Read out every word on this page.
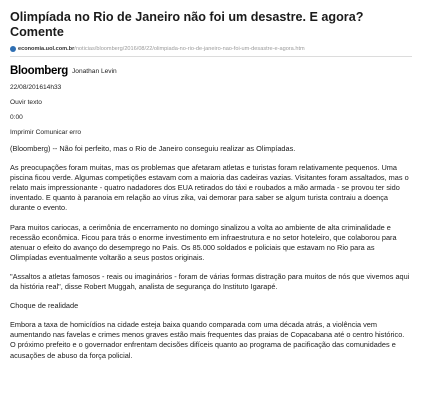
Olimpíada no Rio de Janeiro não foi um desastre. E agora? Comente
economia.uol.com.br /noticias/bloomberg/2016/08/22/olimpiada-no-rio-de-janeiro-nao-foi-um-desastre-e-agora.htm
Bloomberg Jonathan Levin
22/08/201614h33
Ouvir texto
0:00
Imprimir Comunicar erro

(Bloomberg) -- Não foi perfeito, mas o Rio de Janeiro conseguiu realizar as Olimpíadas.

As preocupações foram muitas, mas os problemas que afetaram atletas e turistas foram relativamente pequenos. Uma piscina ficou verde. Algumas competições estavam com a maioria das cadeiras vazias. Visitantes foram assaltados, mas o relato mais impressionante - quatro nadadores dos EUA retirados do táxi e roubados a mão armada - se provou ter sido inventado. E quanto à paranoia em relação ao vírus zika, vai demorar para saber se algum turista contraiu a doença durante o evento.

Para muitos cariocas, a cerimônia de encerramento no domingo sinalizou a volta ao ambiente de alta criminalidade e recessão econômica. Ficou para trás o enorme investimento em infraestrutura e no setor hoteleiro, que colaborou para atenuar o efeito do avanço do desemprego no País. Os 85.000 soldados e policiais que estavam no Rio para as Olimpíadas eventualmente voltarão a seus postos originais.

"Assaltos a atletas famosos - reais ou imaginários - foram de várias formas distração para muitos de nós que vivemos aqui da história real", disse Robert Muggah, analista de segurança do Instituto Igarapé.

Choque de realidade

Embora a taxa de homicídios na cidade esteja baixa quando comparada com uma década atrás, a violência vem aumentando nas favelas e crimes menos graves estão mais frequentes das praias de Copacabana até o centro histórico. O próximo prefeito e o governador enfrentam decisões difíceis quanto ao programa de pacificação das comunidades e acusações de abuso da força policial.
